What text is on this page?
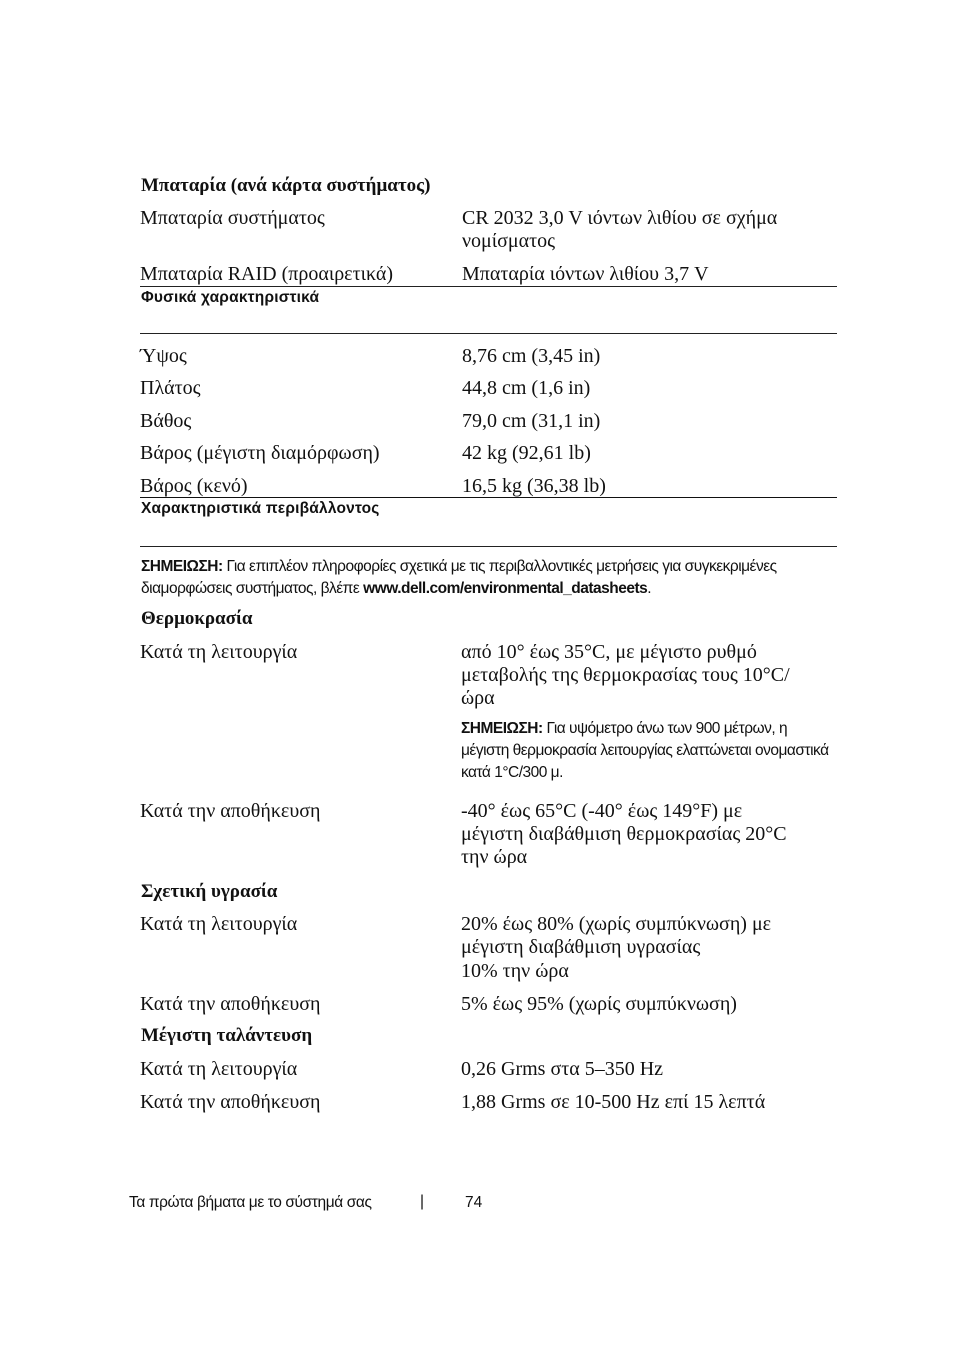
Μπαταρία (ανά κάρτα συστήματος)
Μπαταρία συστήματος	CR 2032 3,0 V ιόντων λιθίου σε σχήμα νομίσματος
Μπαταρία RAID (προαιρετικά)	Μπαταρία ιόντων λιθίου 3,7 V
Φυσικά χαρακτηριστικά
Ύψος	8,76 cm (3,45 in)
Πλάτος	44,8 cm (1,6 in)
Βάθος	79,0 cm (31,1 in)
Βάρος (μέγιστη διαμόρφωση)	42 kg (92,61 lb)
Βάρος (κενό)	16,5 kg (36,38 lb)
Χαρακτηριστικά περιβάλλοντος
ΣΗΜΕΙΩΣΗ: Για επιπλέον πληροφορίες σχετικά με τις περιβαλλοντικές μετρήσεις για συγκεκριμένες διαμορφώσεις συστήματος, βλέπε www.dell.com/environmental_datasheets.
Θερμοκρασία
Κατά τη λειτουργία	από 10° έως 35°C, με μέγιστο ρυθμό μεταβολής της θερμοκρασίας τους 10°C/ώρα
ΣΗΜΕΙΩΣΗ: Για υψόμετρο άνω των 900 μέτρων, η μέγιστη θερμοκρασία λειτουργίας ελαττώνεται ονομαστικά κατά 1°C/300 μ.
Κατά την αποθήκευση	-40° έως 65°C (-40° έως 149°F) με μέγιστη διαβάθμιση θερμοκρασίας 20°C την ώρα
Σχετική υγρασία
Κατά τη λειτουργία	20% έως 80% (χωρίς συμπύκνωση) με μέγιστη διαβάθμιση υγρασίας
10% την ώρα
Κατά την αποθήκευση	5% έως 95% (χωρίς συμπύκνωση)
Μέγιστη ταλάντευση
Κατά τη λειτουργία	0,26 Grms στα 5–350 Hz
Κατά την αποθήκευση	1,88 Grms σε 10-500 Hz επί 15 λεπτά
Τα πρώτα βήματα με το σύστημά σας	|	74
